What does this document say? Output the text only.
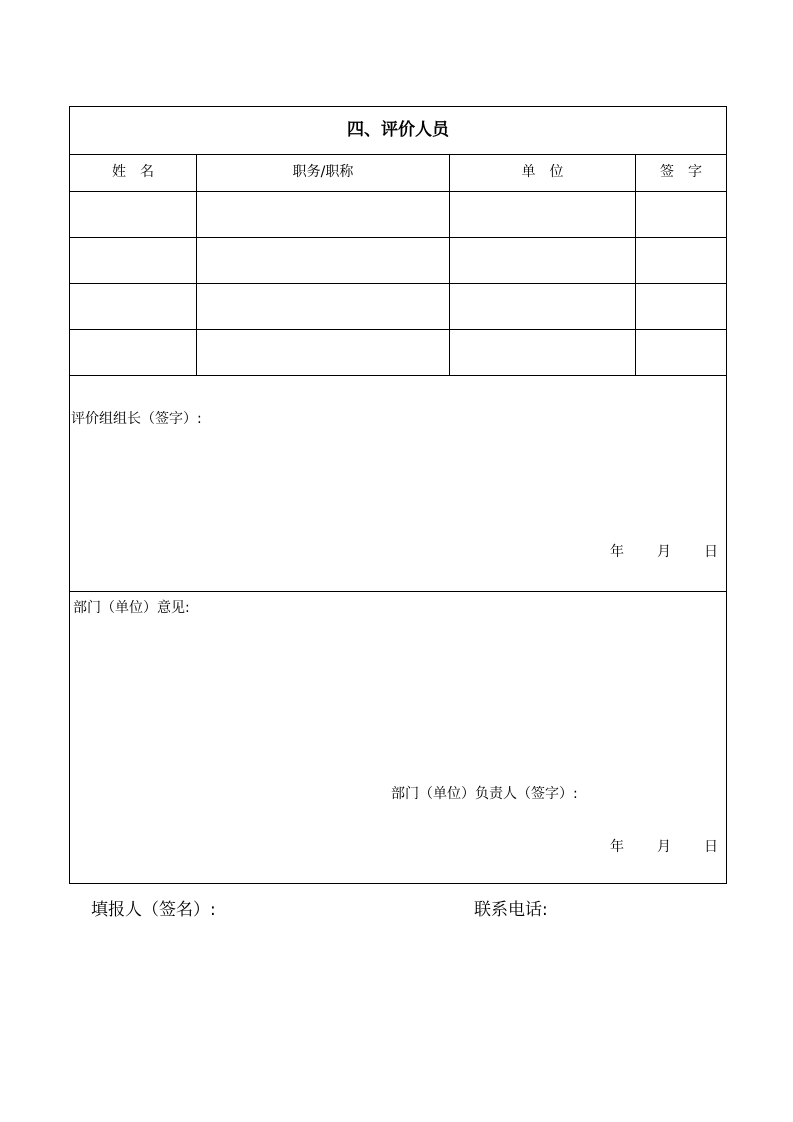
四、评价人员
姓　名	职务/职称	单　位	签　字
评价组组长（签字）:
年 月 日
部门（单位）意见:
部门（单位）负责人（签字）:
年 月 日
填报人（签名）:	联系电话:
